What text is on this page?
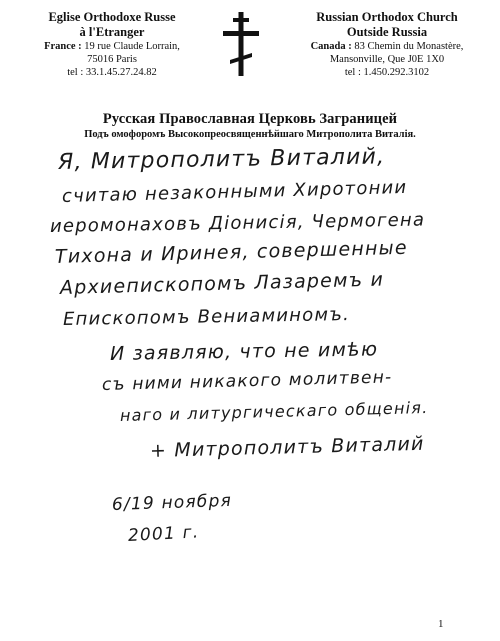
Eglise Orthodoxe Russe
à l'Etranger
France : 19 rue Claude Lorrain,
75016 Paris
tel : 33.1.45.27.24.82
Russian Orthodox Church
Outside Russia
Canada : 83 Chemin du Monastère,
Mansonville, Que J0E 1X0
tel : 1.450.292.3102
Русская Православная Церковь Заграницей
Подъ омофоромъ Высокопреосвященнѣйшаго Митрополита Виталія.
Я, Митрополитъ Виталий,
считаю незаконными Хиротонии
иеромонаховъ Діонисія, Чермогена
Тихона и Иринея, совершенные
Архиепископомъ Лазаремъ и
Епископомъ Вениаминомъ.
И заявляю, что не имѣю
съ ними никакого молитвен-
наго и литургическаго общенія.
+ Митрополитъ Виталий
6/19 ноября
2001 г.
1
